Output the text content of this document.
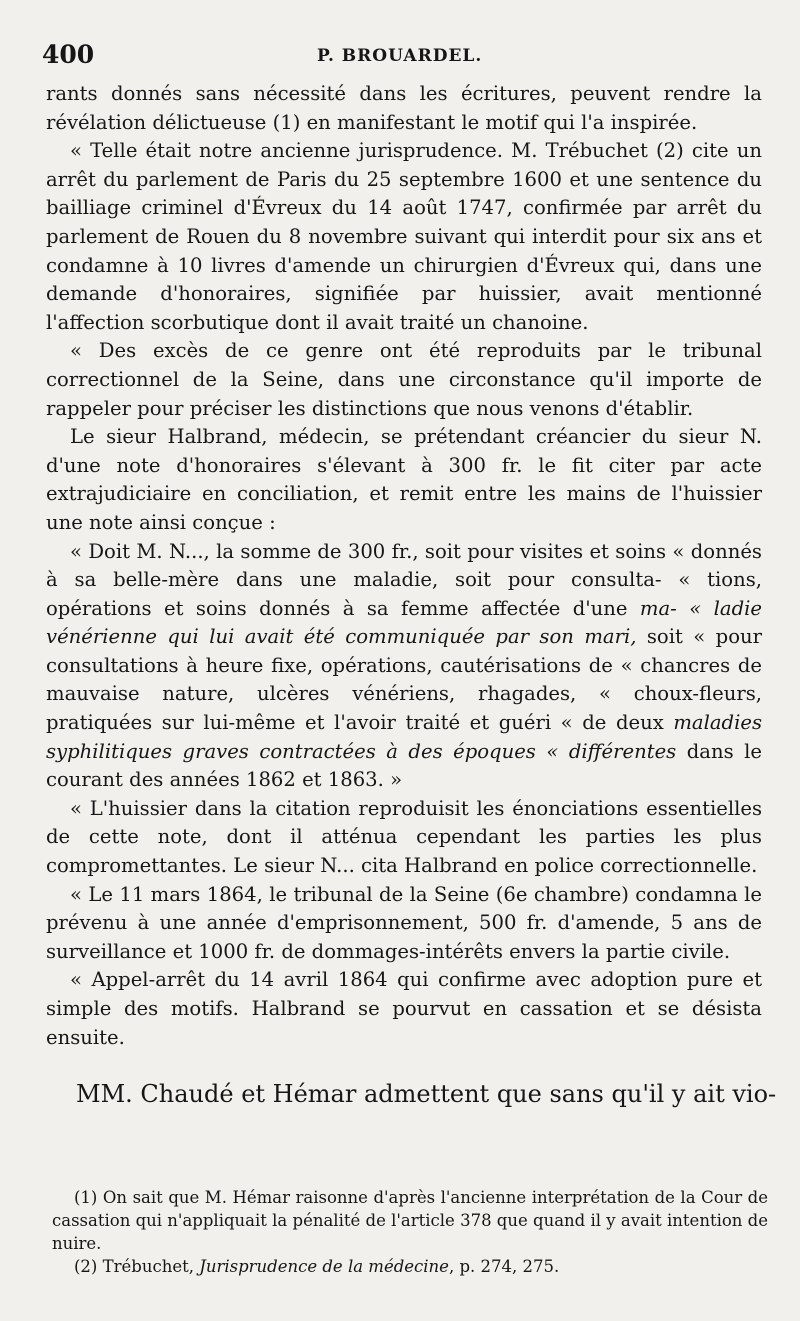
400	P. BROUARDEL.

rants donnés sans nécessité dans les écritures, peuvent rendre la révélation délictueuse (1) en manifestant le motif qui l'a inspirée.

« Telle était notre ancienne jurisprudence. M. Trébuchet (2) cite un arrêt du parlement de Paris du 25 septembre 1600 et une sentence du bailliage criminel d'Évreux du 14 août 1747, confirmée par arrêt du parlement de Rouen du 8 novembre suivant qui interdit pour six ans et condamne à 10 livres d'amende un chirurgien d'Évreux qui, dans une demande d'honoraires, signifiée par huissier, avait mentionné l'affection scorbutique dont il avait traité un chanoine.

« Des excès de ce genre ont été reproduits par le tribunal correctionnel de la Seine, dans une circonstance qu'il importe de rappeler pour préciser les distinctions que nous venons d'établir.

Le sieur Halbrand, médecin, se prétendant créancier du sieur N. d'une note d'honoraires s'élevant à 300 fr. le fit citer par acte extrajudiciaire en conciliation, et remit entre les mains de l'huissier une note ainsi conçue :

« Doit M. N..., la somme de 300 fr., soit pour visites et soins « donnés à sa belle-mère dans une maladie, soit pour consulta- « tions, opérations et soins donnés à sa femme affectée d'une ma- « ladie vénérienne qui lui avait été communiquée par son mari, soit « pour consultations à heure fixe, opérations, cautérisations de « chancres de mauvaise nature, ulcères vénériens, rhagades, « choux-fleurs, pratiquées sur lui-même et l'avoir traité et guéri « de deux maladies syphilitiques graves contractées à des époques « différentes dans le courant des années 1862 et 1863. »

« L'huissier dans la citation reproduisit les énonciations essentielles de cette note, dont il atténua cependant les parties les plus compromettantes. Le sieur N... cita Halbrand en police correctionnelle.

« Le 11 mars 1864, le tribunal de la Seine (6e chambre) condamna le prévenu à une année d'emprisonnement, 500 fr. d'amende, 5 ans de surveillance et 1000 fr. de dommages-intérêts envers la partie civile.

« Appel-arrêt du 14 avril 1864 qui confirme avec adoption pure et simple des motifs. Halbrand se pourvut en cassation et se désista ensuite.

MM. Chaudé et Hémar admettent que sans qu'il y ait vio-

(1) On sait que M. Hémar raisonne d'après l'ancienne interprétation de la Cour de cassation qui n'appliquait la pénalité de l'article 378 que quand il y avait intention de nuire.

(2) Trébuchet, Jurisprudence de la médecine, p. 274, 275.
